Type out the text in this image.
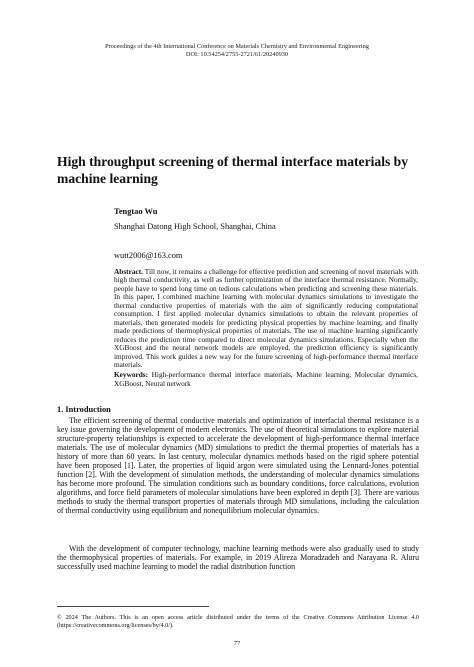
Proceedings of the 4th International Conference on Materials Chemistry and Environmental Engineering
DOI: 10.54254/2755-2721/61/20240930
High throughput screening of thermal interface materials by machine learning
Tengtao Wu
Shanghai Datong High School, Shanghai, China
wutt2006@163.com
Abstract. Till now, it remains a challenge for effective prediction and screening of novel materials with high thermal conductivity, as well as further optimization of the interface thermal resistance. Normally, people have to spend long time on tedious calculations when predicting and screening these materials. In this paper, I combined machine learning with molecular dynamics simulations to investigate the thermal conductive properties of materials with the aim of significantly reducing computational consumption. I first applied molecular dynamics simulations to obtain the relevant properties of materials, then generated models for predicting physical properties by machine learning, and finally made predictions of thermophysical properties of materials. The use of machine learning significantly reduces the prediction time compared to direct molecular dynamics simulations. Especially when the XGBoost and the neural network models are employed, the prediction efficiency is significantly improved. This work guides a new way for the future screening of high-performance thermal interface materials.
Keywords: High-performance thermal interface materials, Machine learning, Molecular dynamics, XGBoost, Neural network
1. Introduction
The efficient screening of thermal conductive materials and optimization of interfacial thermal resistance is a key issue governing the development of modern electronics. The use of theoretical simulations to explore material structure-property relationships is expected to accelerate the development of high-performance thermal interface materials. The use of molecular dynamics (MD) simulations to predict the thermal properties of materials has a history of more than 60 years. In last century, molecular dynamics methods based on the rigid sphere potential have been proposed [1]. Later, the properties of liquid argon were simulated using the Lennard-Jones potential function [2]. With the development of simulation methods, the understanding of molecular dynamics simulations has become more profound. The simulation conditions such as boundary conditions, force calculations, evolution algorithms, and force field parameters of molecular simulations have been explored in depth [3]. There are various methods to study the thermal transport properties of materials through MD simulations, including the calculation of thermal conductivity using equilibrium and nonequilibrium molecular dynamics.
With the development of computer technology, machine learning methods were also gradually used to study the thermophysical properties of materials. For example, in 2019 Alireza Moradzadeh and Narayana R. Aluru successfully used machine learning to model the radial distribution function
© 2024 The Authors. This is an open access article distributed under the terms of the Creative Commons Attribution License 4.0 (https://creativecommons.org/licenses/by/4.0/).
77
